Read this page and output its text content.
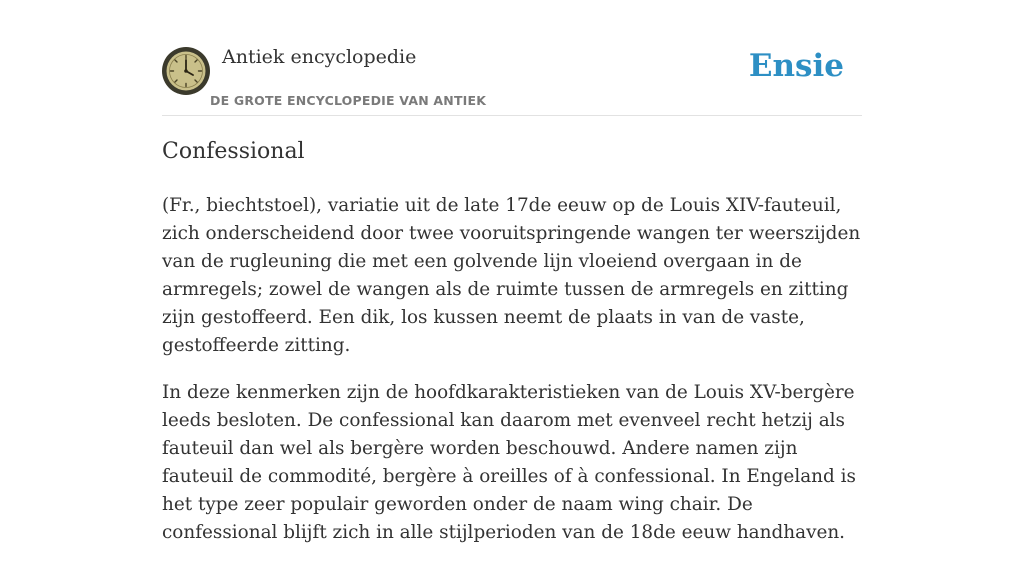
Antiek encyclopedie
DE GROTE ENCYCLOPEDIE VAN ANTIEK
Ensie
Confessional

(Fr., biechtstoel), variatie uit de late 17de eeuw op de Louis XIV-fauteuil, zich onderscheidend door twee vooruitspringende wangen ter weerszijden van de rugleuning die met een golvende lijn vloeiend overgaan in de armregels; zowel de wangen als de ruimte tussen de armregels en zitting zijn gestoffeerd. Een dik, los kussen neemt de plaats in van de vaste, gestoffeerde zitting.

In deze kenmerken zijn de hoofdkarakteristieken van de Louis XV-bergère leeds besloten. De confessional kan daarom met evenveel recht hetzij als fauteuil dan wel als bergère worden beschouwd. Andere namen zijn fauteuil de commodité, bergère à oreilles of à confessional. In Engeland is het type zeer populair geworden onder de naam wing chair. De confessional blijft zich in alle stijlperioden van de 18de eeuw handhaven.
